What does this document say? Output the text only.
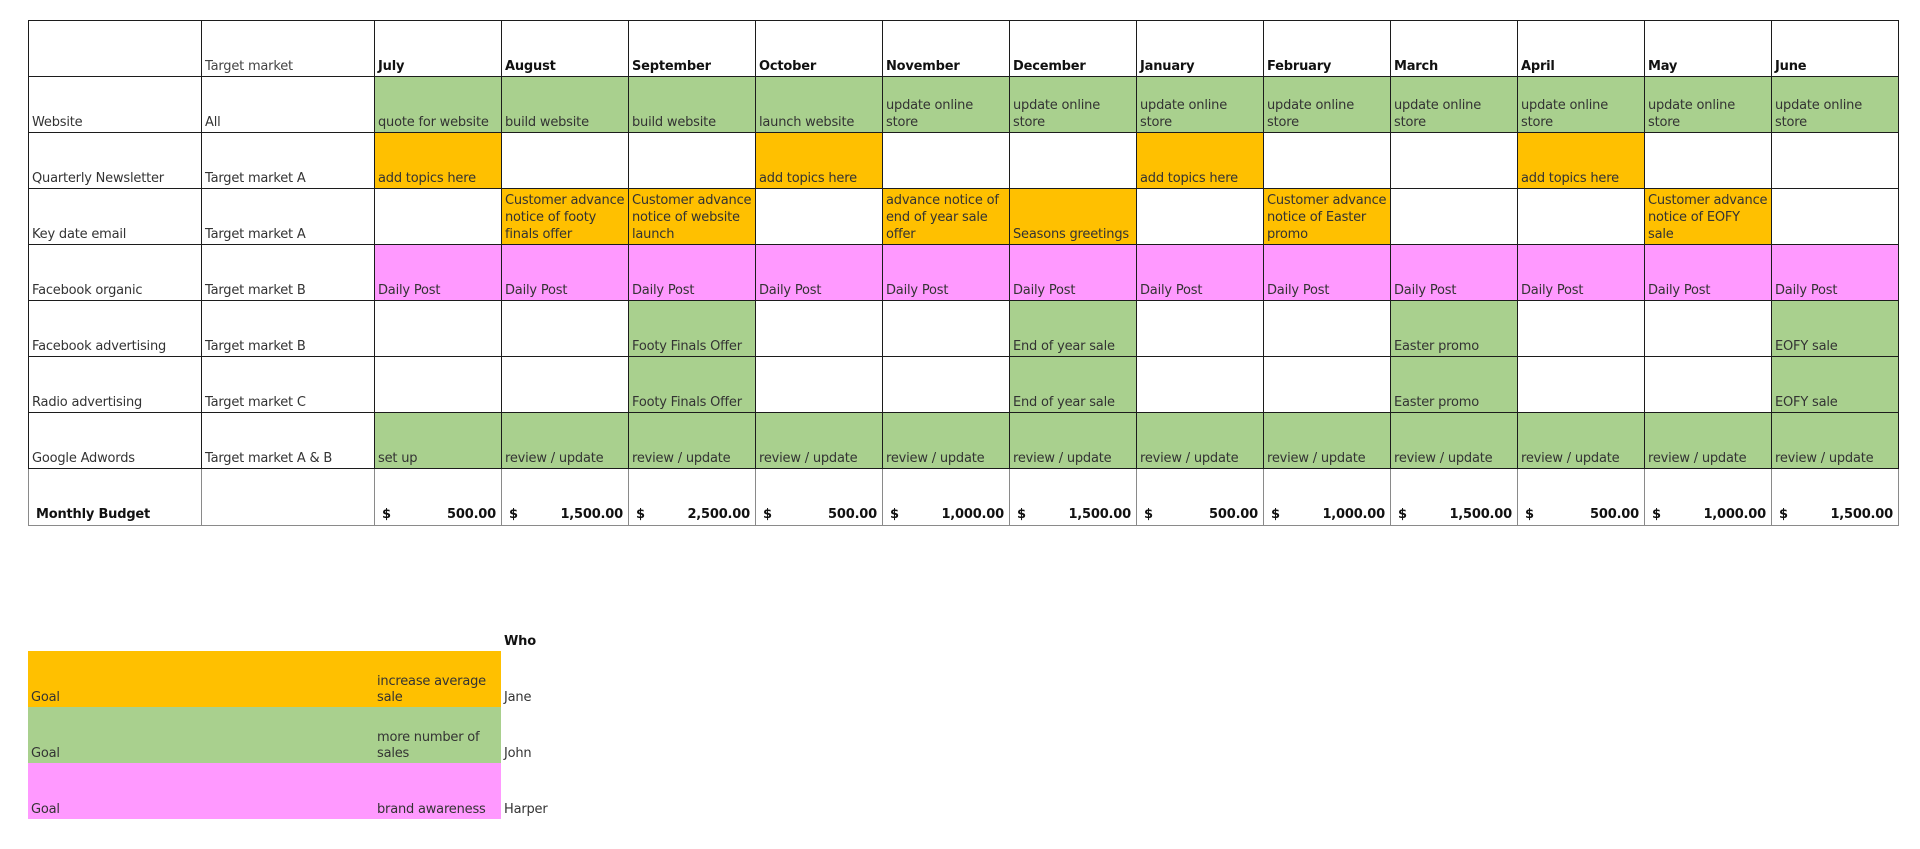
	Target market	July	August	September	October	November	December	January	February	March	April	May	June
Website	All	quote for website	build website	build website	launch website	update online store	update online store	update online store	update online store	update online store	update online store	update online store	update online store
Quarterly Newsletter	Target market A	add topics here			add topics here			add topics here			add topics here		
Key date email	Target market A		Customer advance notice of footy finals offer	Customer advance notice of website launch		advance notice of end of year sale offer	Seasons greetings		Customer advance notice of Easter promo			Customer advance notice of EOFY sale	
Facebook organic	Target market B	Daily Post	Daily Post	Daily Post	Daily Post	Daily Post	Daily Post	Daily Post	Daily Post	Daily Post	Daily Post	Daily Post	Daily Post
Facebook advertising	Target market B			Footy Finals Offer			End of year sale			Easter promo			EOFY sale
Radio advertising	Target market C			Footy Finals Offer			End of year sale			Easter promo			EOFY sale
Google Adwords	Target market A & B	set up	review / update	review / update	review / update	review / update	review / update	review / update	review / update	review / update	review / update	review / update	review / update
Monthly Budget		$ 500.00	$ 1,500.00	$ 2,500.00	$ 500.00	$ 1,000.00	$ 1,500.00	$ 500.00	$ 1,000.00	$ 1,500.00	$ 500.00	$ 1,000.00	$ 1,500.00
		Who
Goal	increase average sale	Jane
Goal	more number of sales	John
Goal	brand awareness	Harper
